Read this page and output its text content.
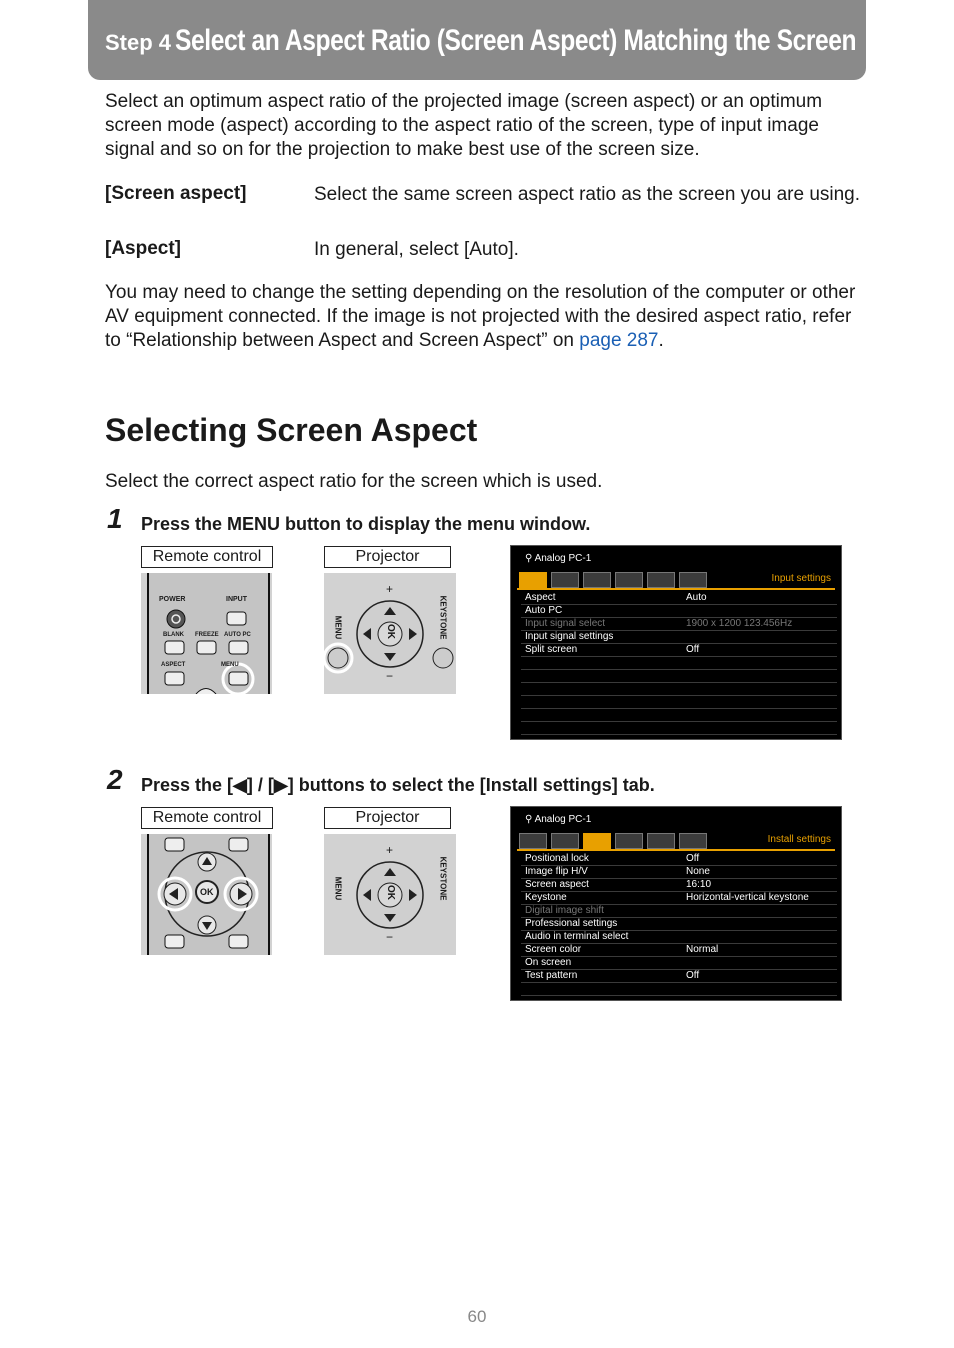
Step 4 Select an Aspect Ratio (Screen Aspect) Matching the Screen
Select an optimum aspect ratio of the projected image (screen aspect) or an optimum screen mode (aspect) according to the aspect ratio of the screen, type of input image signal and so on for the projection to make best use of the screen size.
[Screen aspect]	Select the same screen aspect ratio as the screen you are using.
[Aspect]	In general, select [Auto].
You may need to change the setting depending on the resolution of the computer or other AV equipment connected. If the image is not projected with the desired aspect ratio, refer to “Relationship between Aspect and Screen Aspect” on page 287.
Selecting Screen Aspect
Select the correct aspect ratio for the screen which is used.
1 Press the MENU button to display the menu window.
Remote control	Projector
POWER	INPUT
BLANK FREEZE AUTO PC
ASPECT	MENU
OK
MENU	KEYSTONE
+
−
⚲ Analog PC-1
Input settings
Aspect	Auto
Auto PC
Input signal select	1900 x 1200 123.456Hz
Input signal settings
Split screen	Off
2 Press the [◀] / [▶] buttons to select the [Install settings] tab.
Remote control	Projector
OK	OK
MENU	KEYSTONE
+
−
⚲ Analog PC-1
Install settings
Positional lock	Off
Image flip H/V	None
Screen aspect	16:10
Keystone	Horizontal-vertical keystone
Digital image shift
Professional settings
Audio in terminal select
Screen color	Normal
On screen
Test pattern	Off
60
